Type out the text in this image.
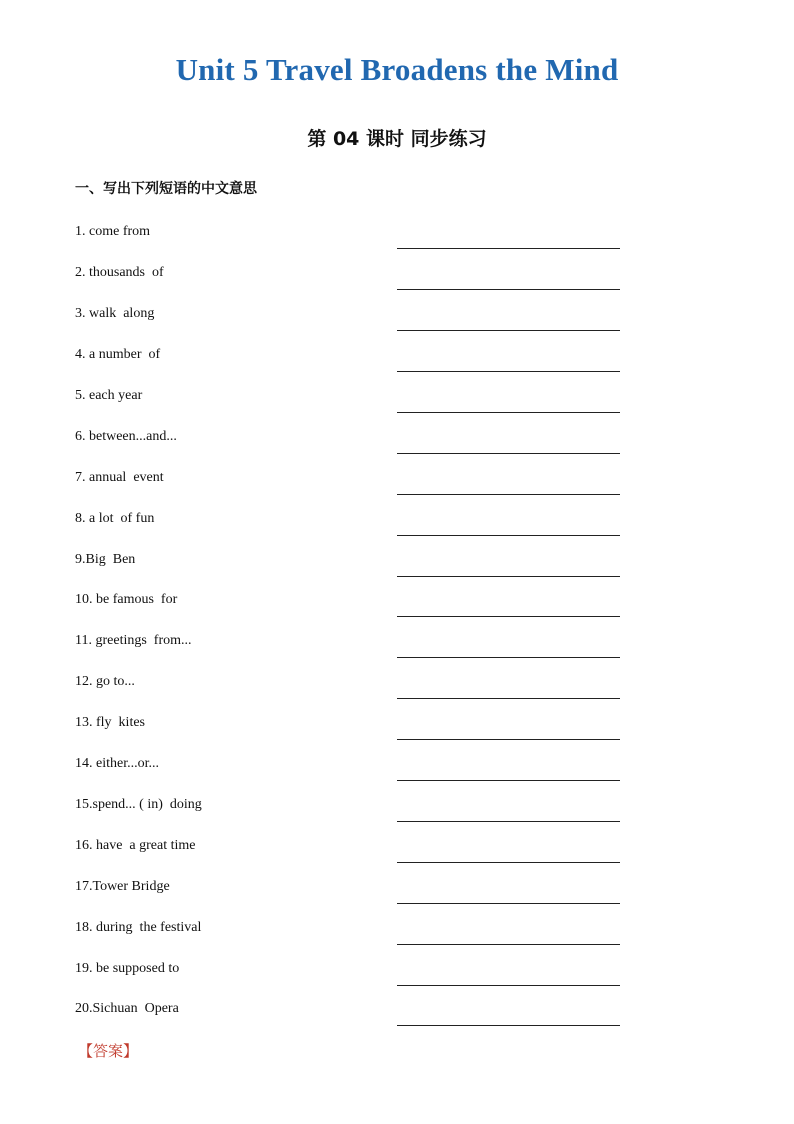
Unit 5 Travel Broadens the Mind
第 04 课时 同步练习
一、写出下列短语的中文意思
1. come from
2. thousands  of
3. walk  along
4. a number  of
5. each year
6. between...and...
7. annual  event
8. a lot  of fun
9.Big  Ben
10. be famous  for
11. greetings  from...
12. go to...
13. fly  kites
14. either...or...
15.spend... ( in)  doing
16. have  a great time
17.Tower Bridge
18. during  the festival
19. be supposed to
20.Sichuan  Opera
【答案】
